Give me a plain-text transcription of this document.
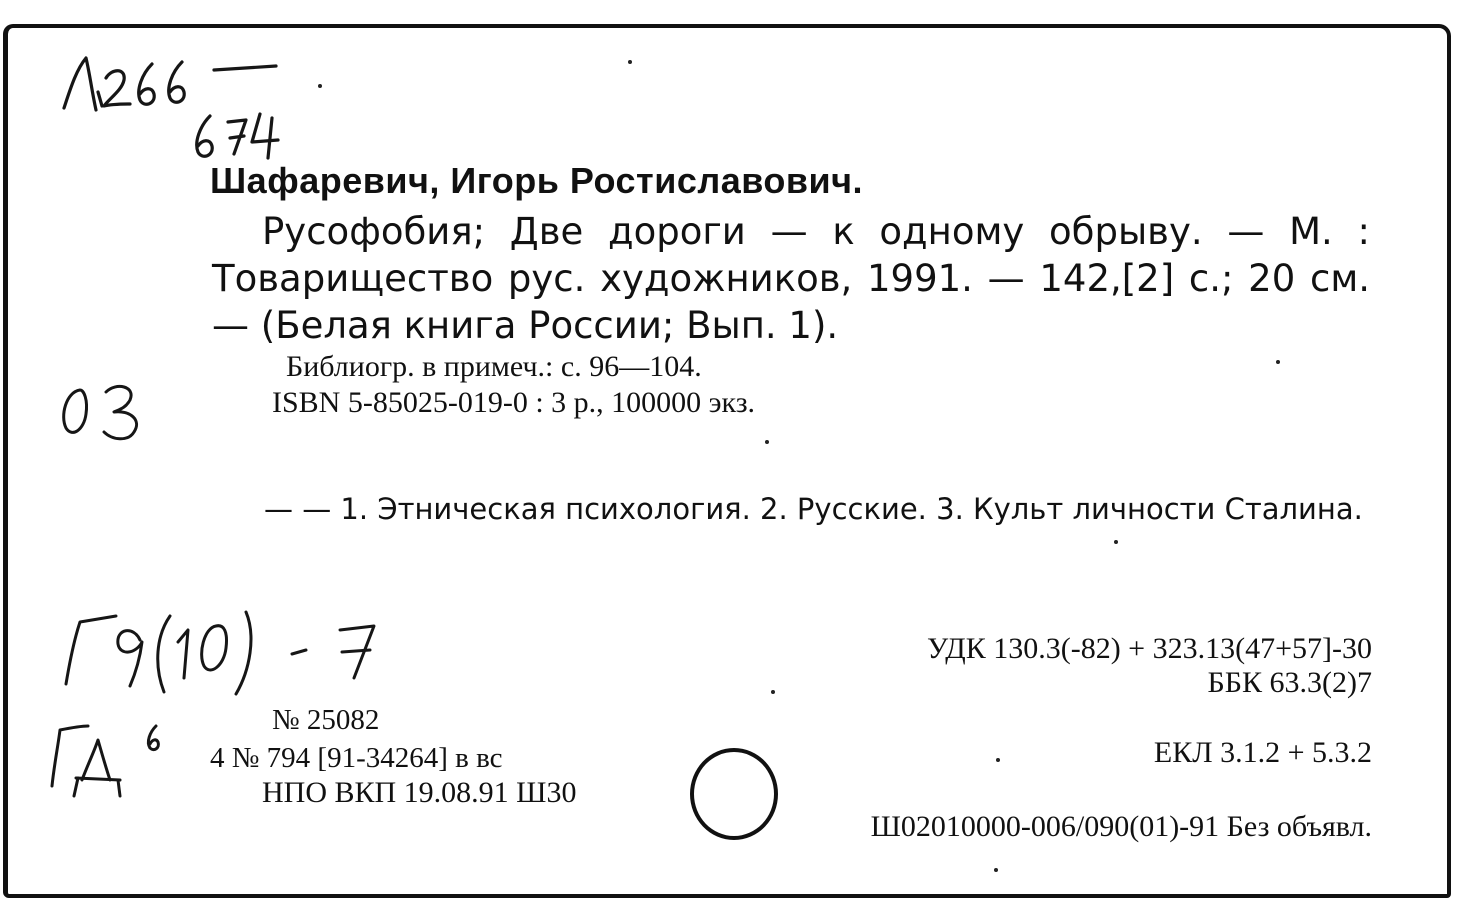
Шафаревич, Игорь Ростиславович.
Русофобия; Две дороги — к одному обрыву. — М. : Товарищество рус. художников, 1991. — 142,[2] с.; 20 см. — (Белая книга России; Вып. 1).
Библиогр. в примеч.: с. 96—104.
ISBN 5-85025-019-0 : 3 р., 100000 экз.
— — 1. Этническая психология. 2. Русские. 3. Культ личности Сталина.
УДК 130.3(-82) + 323.13(47+57]-30
ББК 63.3(2)7
ЕКЛ 3.1.2 + 5.3.2
№ 25082
4 № 794 [91-34264] в вс
НПО ВКП 19.08.91 Ш30
Ш02010000-006/090(01)-91 Без объявл.
